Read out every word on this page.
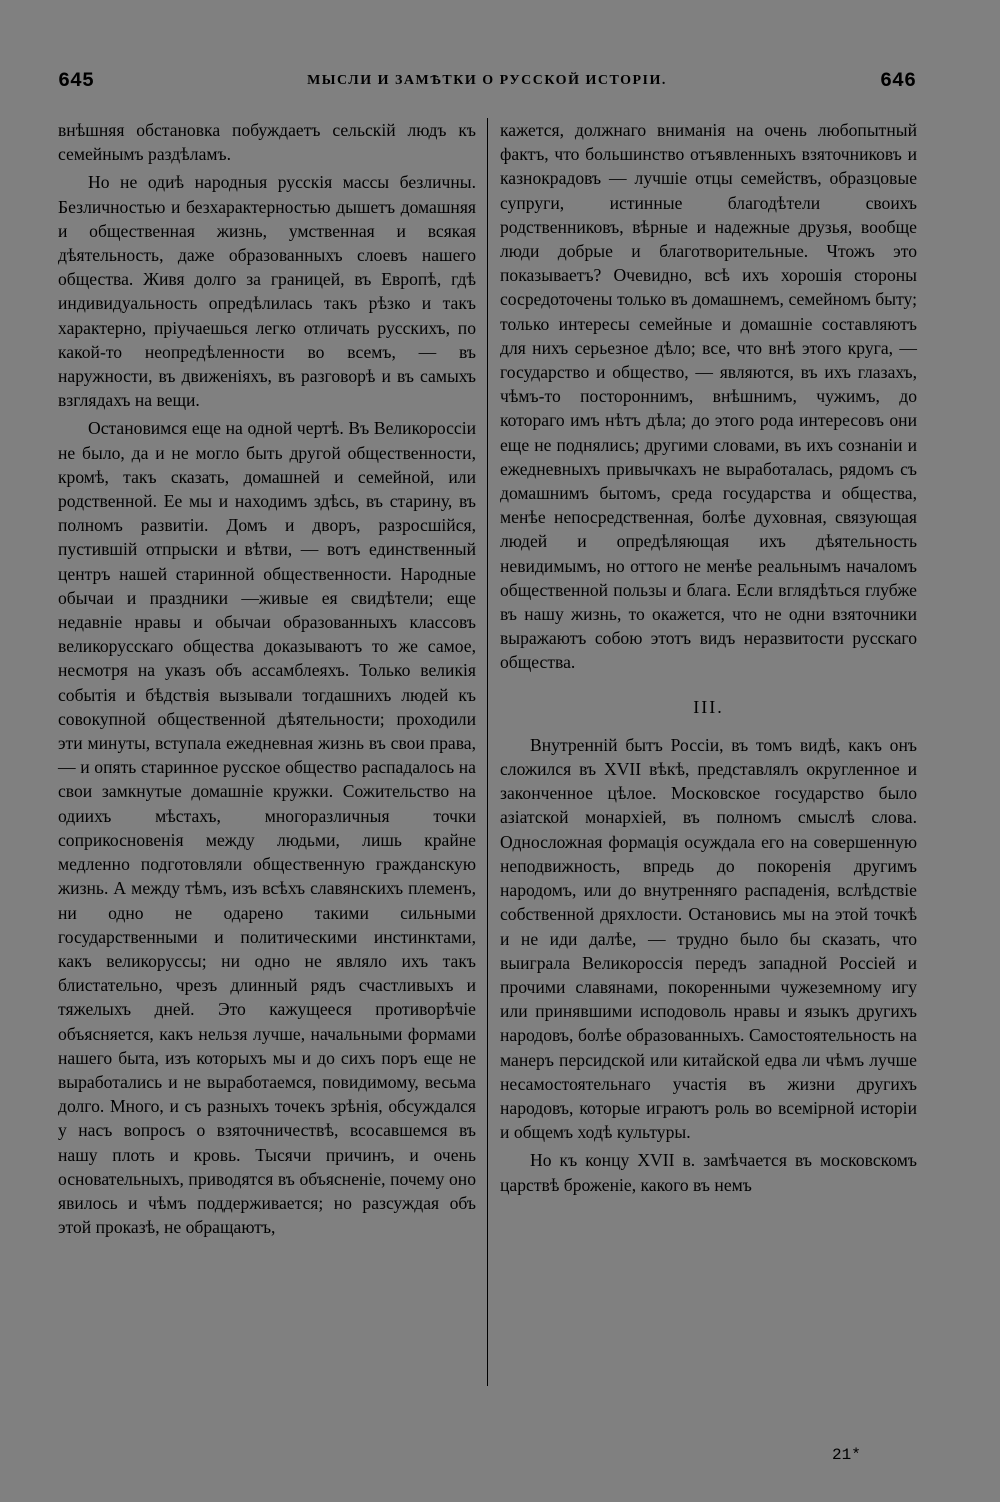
645	МЫСЛИ И ЗАМѢТКИ О РУССКОЙ ИСТОРІИ.	646

внѣшняя обстановка побуждаетъ сельскій людъ къ семейнымъ раздѣламъ.

Но не одиѣ народныя русскія массы безличны. Безличностью и безхарактерностью дышетъ домашняя и общественная жизнь, умственная и всякая дѣятельность, даже образованныхъ слоевъ нашего общества. Живя долго за границей, въ Европѣ, гдѣ индивидуальность опредѣлилась такъ рѣзко и такъ характерно, пріучаешься легко отличать русскихъ, по какой-то неопредѣленности во всемъ, — въ наружности, въ движеніяхъ, въ разговорѣ и въ самыхъ взглядахъ на вещи.

Остановимся еще на одной чертѣ. Въ Великороссіи не было, да и не могло быть другой общественности, кромѣ, такъ сказать, домашней и семейной, или родственной. Ее мы и находимъ здѣсь, въ старину, въ полномъ развитіи. Домъ и дворъ, разросшійся, пустившій отпрыски и вѣтви, — вотъ единственный центръ нашей старинной общественности. Народные обычаи и праздники —живые ея свидѣтели; еще недавніе нравы и обычаи образованныхъ классовъ великорусскаго общества доказываютъ то же самое, несмотря на указъ объ ассамблеяхъ. Только великія событія и бѣдствія вызывали тогдашнихъ людей къ совокупной общественной дѣятельности; проходили эти минуты, вступала ежедневная жизнь въ свои права, — и опять старинное русское общество распадалось на свои замкнутые домашніе кружки. Сожительство на одиихъ мѣстахъ, многоразличныя точки соприкосновенія между людьми, лишь крайне медленно подготовляли общественную гражданскую жизнь. А между тѣмъ, изъ всѣхъ славянскихъ племенъ, ни одно не одарено такими сильными государственными и политическими инстинктами, какъ великоруссы; ни одно не являло ихъ такъ блистательно, чрезъ длинный рядъ счастливыхъ и тяжелыхъ дней. Это кажущееся противорѣчіе объясняется, какъ нельзя лучше, начальными формами нашего быта, изъ которыхъ мы и до сихъ поръ еще не выработались и не выработаемся, повидимому, весьма долго. Много, и съ разныхъ точекъ зрѣнія, обсуждался у насъ вопросъ о взяточничествѣ, всосавшемся въ нашу плоть и кровь. Тысячи причинъ, и очень основательныхъ, приводятся въ объясненіе, почему оно явилось и чѣмъ поддерживается; но разсуждая объ этой проказѣ, не обращаютъ,

кажется, должнаго вниманія на очень любопытный фактъ, что большинство отъявленныхъ взяточниковъ и казнокрадовъ — лучшіе отцы семействъ, образцовые супруги, истинные благодѣтели своихъ родственниковъ, вѣрные и надежные друзья, вообще люди добрые и благотворительные. Чтожъ это показываетъ? Очевидно, всѣ ихъ хорошія стороны сосредоточены только въ домашнемъ, семейномъ быту; только интересы семейные и домашніе составляютъ для нихъ серьезное дѣло; все, что внѣ этого круга, — государство и общество, — являются, въ ихъ глазахъ, чѣмъ-то постороннимъ, внѣшнимъ, чужимъ, до котораго имъ нѣтъ дѣла; до этого рода интересовъ они еще не поднялись; другими словами, въ ихъ сознаніи и ежедневныхъ привычкахъ не выработалась, рядомъ съ домашнимъ бытомъ, среда государства и общества, менѣе непосредственная, болѣе духовная, связующая людей и опредѣляющая ихъ дѣятельность невидимымъ, но оттого не менѣе реальнымъ началомъ общественной пользы и блага. Если вглядѣться глубже въ нашу жизнь, то окажется, что не одни взяточники выражаютъ собою этотъ видъ неразвитости русскаго общества.

III.

Внутренній бытъ Россіи, въ томъ видѣ, какъ онъ сложился въ XVII вѣкѣ, представлялъ округленное и законченное цѣлое. Московское государство было азіатской монархіей, въ полномъ смыслѣ слова. Односложная формація осуждала его на совершенную неподвижность, впредь до покоренія другимъ народомъ, или до внутренняго распаденія, вслѣдствіе собственной дряхлости. Остановись мы на этой точкѣ и не иди далѣе, — трудно было бы сказать, что выиграла Великороссія передъ западной Россіей и прочими славянами, покоренными чужеземному игу или принявшими исподоволь нравы и языкъ другихъ народовъ, болѣе образованныхъ. Самостоятельность на манеръ персидской или китайской едва ли чѣмъ лучше несамостоятельнаго участія въ жизни другихъ народовъ, которые играютъ роль во всемірной исторіи и общемъ ходѣ культуры.

Но къ концу XVII в. замѣчается въ московскомъ царствѣ броженіе, какого въ немъ

21*
